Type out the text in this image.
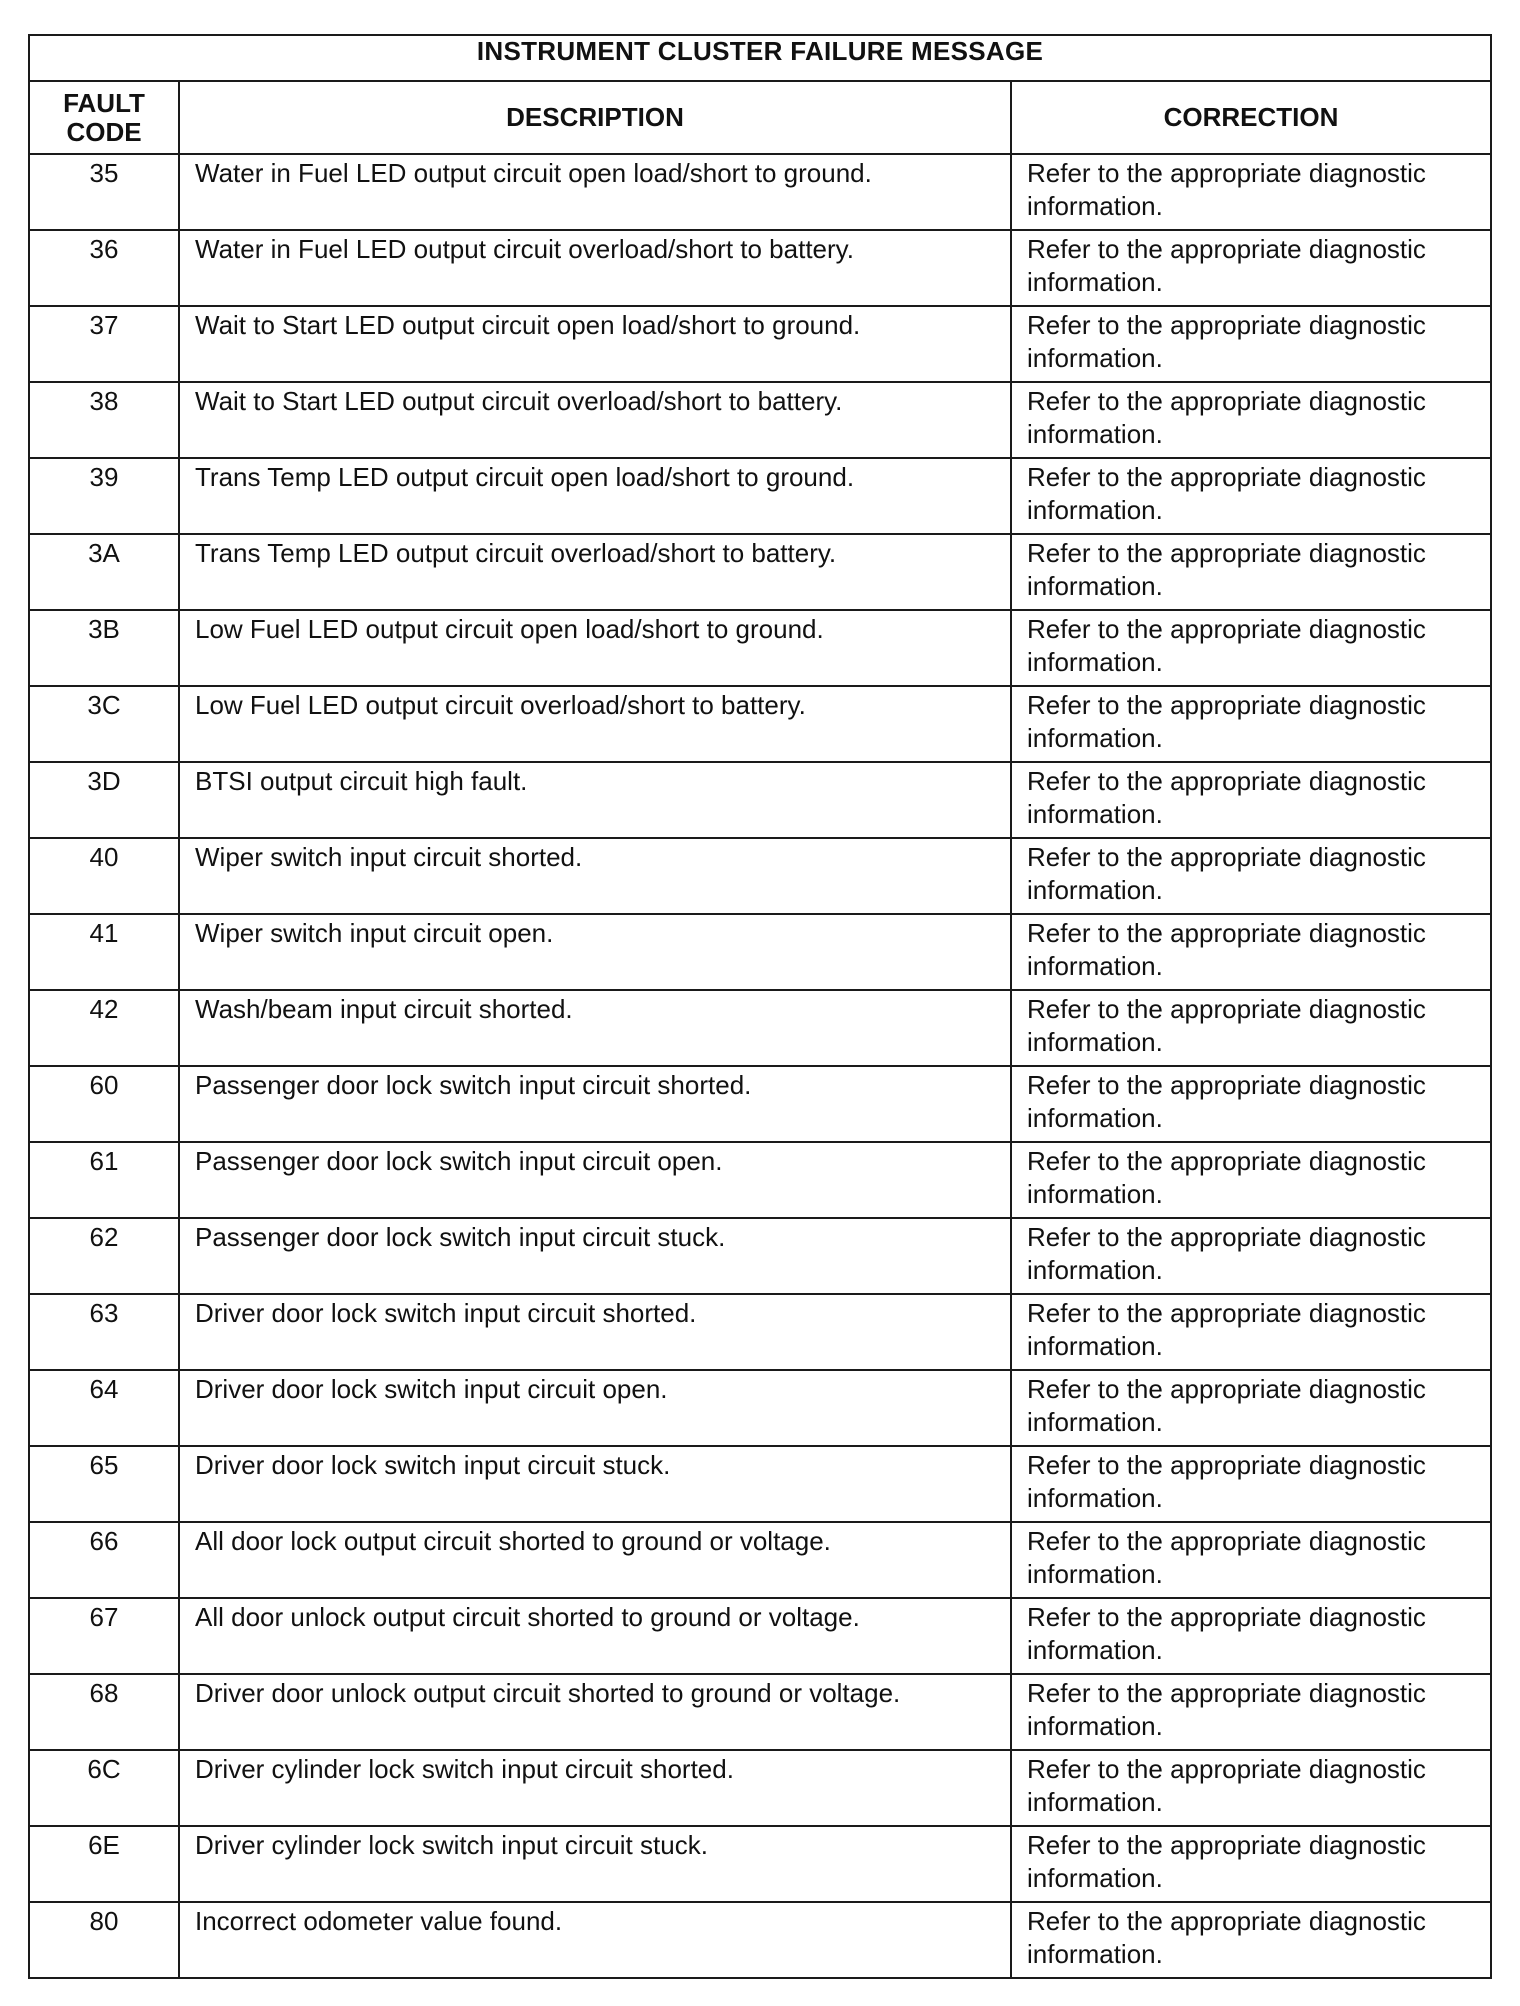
INSTRUMENT CLUSTER FAILURE MESSAGE		
FAULT
CODE	DESCRIPTION	CORRECTION
35	Water in Fuel LED output circuit open load/short to ground.	Refer to the appropriate diagnostic
information.

36	Water in Fuel LED output circuit overload/short to battery.	Refer to the appropriate diagnostic
information.

37	Wait to Start LED output circuit open load/short to ground.	Refer to the appropriate diagnostic
information.

38	Wait to Start LED output circuit overload/short to battery.	Refer to the appropriate diagnostic
information.

39	Trans Temp LED output circuit open load/short to ground.	Refer to the appropriate diagnostic
information.

3A	Trans Temp LED output circuit overload/short to battery.	Refer to the appropriate diagnostic
information.

3B	Low Fuel LED output circuit open load/short to ground.	Refer to the appropriate diagnostic
information.

3C	Low Fuel LED output circuit overload/short to battery.	Refer to the appropriate diagnostic
information.

3D	BTSI output circuit high fault.	Refer to the appropriate diagnostic
information.

40	Wiper switch input circuit shorted.	Refer to the appropriate diagnostic
information.

41	Wiper switch input circuit open.	Refer to the appropriate diagnostic
information.

42	Wash/beam input circuit shorted.	Refer to the appropriate diagnostic
information.

60	Passenger door lock switch input circuit shorted.	Refer to the appropriate diagnostic
information.

61	Passenger door lock switch input circuit open.	Refer to the appropriate diagnostic
information.

62	Passenger door lock switch input circuit stuck.	Refer to the appropriate diagnostic
information.

63	Driver door lock switch input circuit shorted.	Refer to the appropriate diagnostic
information.

64	Driver door lock switch input circuit open.	Refer to the appropriate diagnostic
information.

65	Driver door lock switch input circuit stuck.	Refer to the appropriate diagnostic
information.

66	All door lock output circuit shorted to ground or voltage.	Refer to the appropriate diagnostic
information.

67	All door unlock output circuit shorted to ground or voltage.	Refer to the appropriate diagnostic
information.

68	Driver door unlock output circuit shorted to ground or voltage.	Refer to the appropriate diagnostic
information.

6C	Driver cylinder lock switch input circuit shorted.	Refer to the appropriate diagnostic
information.

6E	Driver cylinder lock switch input circuit stuck.	Refer to the appropriate diagnostic
information.

80	Incorrect odometer value found.	Refer to the appropriate diagnostic
information.
